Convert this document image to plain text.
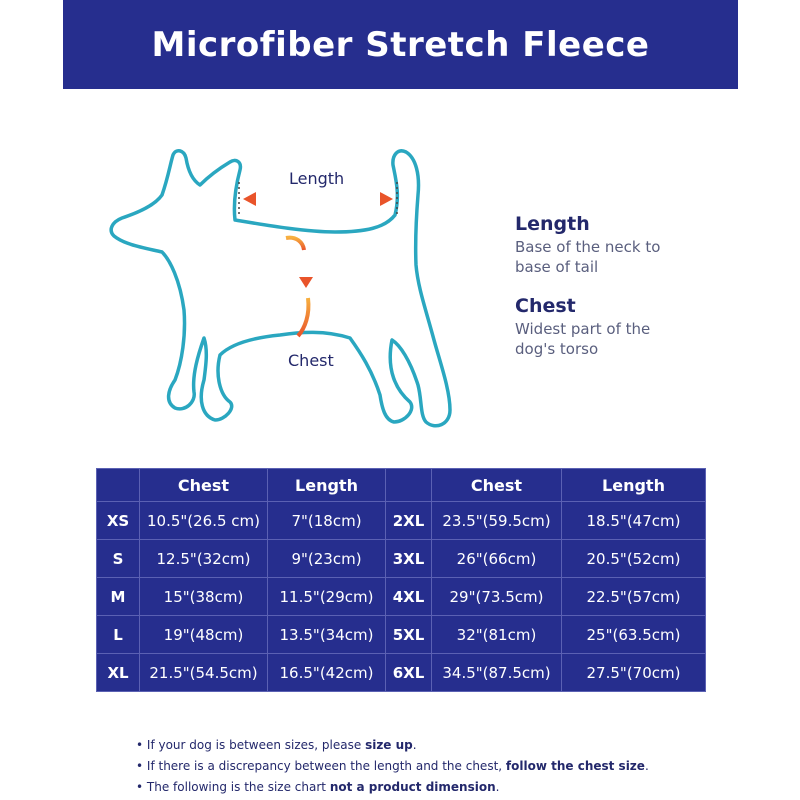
Microfiber Stretch Fleece
Length
Chest
Length
Base of the neck to base of tail
Chest
Widest part of the dog's torso
	Chest	Length		Chest	Length
XS	10.5"(26.5 cm)	7"(18cm)	2XL	23.5"(59.5cm)	18.5"(47cm)
S	12.5"(32cm)	9"(23cm)	3XL	26"(66cm)	20.5"(52cm)
M	15"(38cm)	11.5"(29cm)	4XL	29"(73.5cm)	22.5"(57cm)
L	19"(48cm)	13.5"(34cm)	5XL	32"(81cm)	25"(63.5cm)
XL	21.5"(54.5cm)	16.5"(42cm)	6XL	34.5"(87.5cm)	27.5"(70cm)
• If your dog is between sizes, please size up.
• If there is a discrepancy between the length and the chest, follow the chest size.
• The following is the size chart not a product dimension.
